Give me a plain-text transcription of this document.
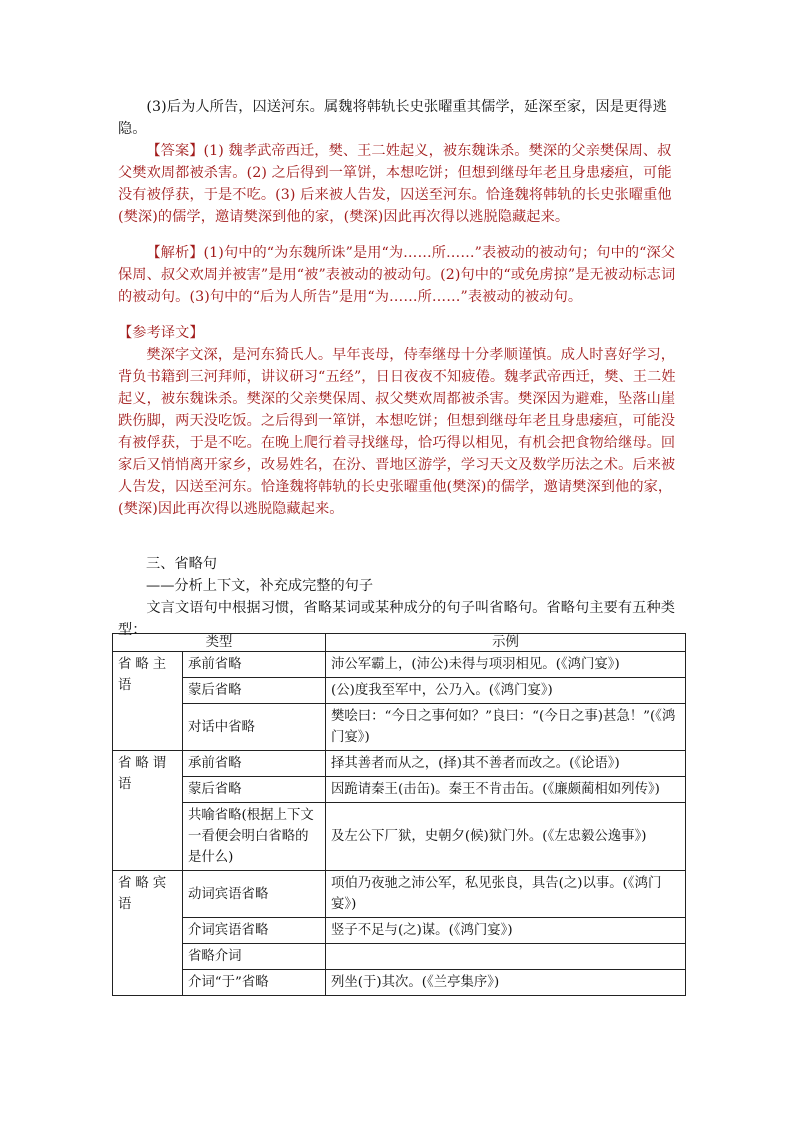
(3)后为人所告，囚送河东。属魏将韩轨长史张曜重其儒学，延深至家，因是更得逃隐。
【答案】(1) 魏孝武帝西迁，樊、王二姓起义，被东魏诛杀。樊深的父亲樊保周、叔父樊欢周都被杀害。(2) 之后得到一箪饼，本想吃饼；但想到继母年老且身患痿疸，可能没有被俘获，于是不吃。(3) 后来被人告发，囚送至河东。恰逢魏将韩轨的长史张曜重他(樊深)的儒学，邀请樊深到他的家，(樊深)因此再次得以逃脱隐藏起来。
【解析】(1)句中的“为东魏所诛”是用“为……所……”表被动的被动句；句中的“深父保周、叔父欢周并被害”是用“被”表被动的被动句。(2)句中的“或免虏掠”是无被动标志词的被动句。(3)句中的“后为人所告”是用“为……所……”表被动的被动句。
【参考译文】
樊深字文深，是河东猗氏人。早年丧母，侍奉继母十分孝顺谨慎。成人时喜好学习，背负书籍到三河拜师，讲议研习“五经”，日日夜夜不知疲倦。魏孝武帝西迁，樊、王二姓起义，被东魏诛杀。樊深的父亲樊保周、叔父樊欢周都被杀害。樊深因为避难，坠落山崖跌伤脚，两天没吃饭。之后得到一箪饼，本想吃饼；但想到继母年老且身患痿疸，可能没有被俘获，于是不吃。在晚上爬行着寻找继母，恰巧得以相见，有机会把食物给继母。回家后又悄悄离开家乡，改易姓名，在汾、晋地区游学，学习天文及数学历法之术。后来被人告发，囚送至河东。恰逢魏将韩轨的长史张曜重他(樊深)的儒学，邀请樊深到他的家，(樊深)因此再次得以逃脱隐藏起来。
三、省略句
——分析上下文，补充成完整的句子
文言文语句中根据习惯，省略某词或某种成分的句子叫省略句。省略句主要有五种类型：
类型		示例
省略主语	承前省略	沛公军霸上，(沛公)未得与项羽相见。(《鸿门宴》)
	蒙后省略	(公)度我至军中，公乃入。(《鸿门宴》)
	对话中省略	樊哙曰：“今日之事何如？”良曰：“(今日之事)甚急！”(《鸿门宴》)
省略谓语	承前省略	择其善者而从之，(择)其不善者而改之。(《论语》)
	蒙后省略	因跪请秦王(击缶)。秦王不肯击缶。(《廉颇蔺相如列传》)
	共喻省略(根据上下文一看便会明白省略的是什么)	及左公下厂狱，史朝夕(候)狱门外。(《左忠毅公逸事》)
省略宾语	动词宾语省略	项伯乃夜驰之沛公军，私见张良，具告(之)以事。(《鸿门宴》)
	介词宾语省略	竖子不足与(之)谋。(《鸿门宴》)
	省略介词	
	介词“于”省略	列坐(于)其次。(《兰亭集序》)
